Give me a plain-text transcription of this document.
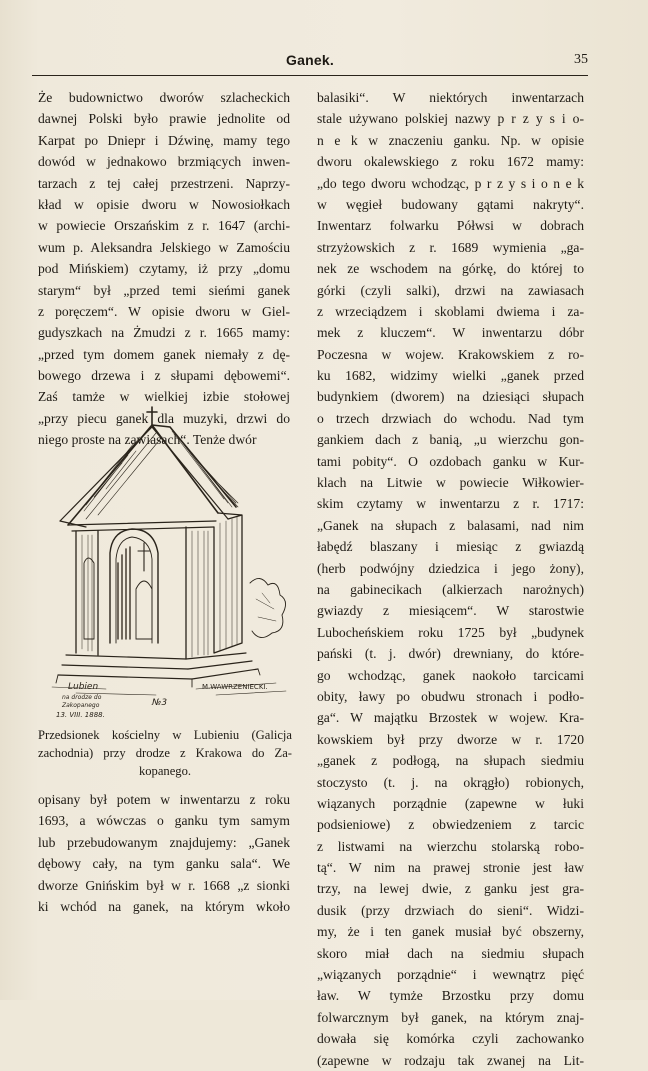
Ganek.	35
Że budownictwo dworów szlacheckich
dawnej Polski było prawie jednolite od
Karpat po Dniepr i Dźwinę, mamy tego
dowód w jednakowo brzmiących inwen-
tarzach z tej całej przestrzeni. Naprzy-
kład w opisie dworu w Nowosiołkach
w powiecie Orszańskim z r. 1647 (archi-
wum p. Aleksandra Jelskiego w Zamościu
pod Mińskiem) czytamy, iż przy „domu
starym“ był „przed temi sieńmi ganek
z poręczem“. W opisie dworu w Giel-
gudyszkach na Żmudzi z r. 1665 mamy:
„przed tym domem ganek niemały z dę-
bowego drzewa i z słupami dębowemi“.
Zaś tamże w wielkiej izbie stołowej
„przy piecu ganek dla muzyki, drzwi do
niego proste na zawiasach“. Tenże dwór
Lubien
na drodze do
Zakopanego
13. VIII. 1888.
№3
M.WAWRZENIECKI.
Przedsionek kościelny w Lubieniu (Galicja
zachodnia) przy drodze z Krakowa do Za-
kopanego.
opisany był potem w inwentarzu z roku
1693, a wówczas o ganku tym samym
lub przebudowanym znajdujemy: „Ganek
dębowy cały, na tym ganku sala“. We
dworze Gnińskim był w r. 1668 „z sionki
ki wchód na ganek, na którym wkoło
balasiki“. W niektórych inwentarzach
stale używano polskiej nazwy p r z y s i o-
n e k w znaczeniu ganku. Np. w opisie
dworu okalewskiego z roku 1672 mamy:
„do tego dworu wchodząc, p r z y s i o n e k
w węgieł budowany gątami nakryty“.
Inwentarz folwarku Półwsi w dobrach
strzyżowskich z r. 1689 wymienia „ga-
nek ze wschodem na górkę, do której to
górki (czyli salki), drzwi na zawiasach
z wrzeciądzem i skoblami dwiema i za-
mek z kluczem“. W inwentarzu dóbr
Poczesna w wojew. Krakowskiem z ro-
ku 1682, widzimy wielki „ganek przed
budynkiem (dworem) na dziesiąci słupach
o trzech drzwiach do wchodu. Nad tym
gankiem dach z banią, „u wierzchu gon-
tami pobity“. O ozdobach ganku w Kur-
klach na Litwie w powiecie Wiłkowier-
skim czytamy w inwentarzu z r. 1717:
„Ganek na słupach z balasami, nad nim
łabędź blaszany i miesiąc z gwiazdą
(herb podwójny dziedzica i jego żony),
na gabinecikach (alkierzach narożnych)
gwiazdy z miesiącem“. W starostwie
Lubocheńskiem roku 1725 był „budynek
pański (t. j. dwór) drewniany, do które-
go wchodząc, ganek naokoło tarcicami
obity, ławy po obudwu stronach i podło-
ga“. W majątku Brzostek w wojew. Kra-
kowskiem był przy dworze w r. 1720
„ganek z podłogą, na słupach siedmiu
stoczysto (t. j. na okrągło) robionych,
wiązanych porządnie (zapewne w łuki
podsieniowe) z obwiedzeniem z tarcic
z listwami na wierzchu stolarską robo-
tą“. W nim na prawej stronie jest ław
trzy, na lewej dwie, z ganku jest gra-
dusik (przy drzwiach do sieni“. Widzi-
my, że i ten ganek musiał być obszerny,
skoro miał dach na siedmiu słupach
„wiązanych porządnie“ i wewnątrz pięć
ław. W tymże Brzostku przy domu
folwarcznym był ganek, na którym znaj-
dowała się komórka czyli zachowanko
(zapewne w rodzaju tak zwanej na Lit-
